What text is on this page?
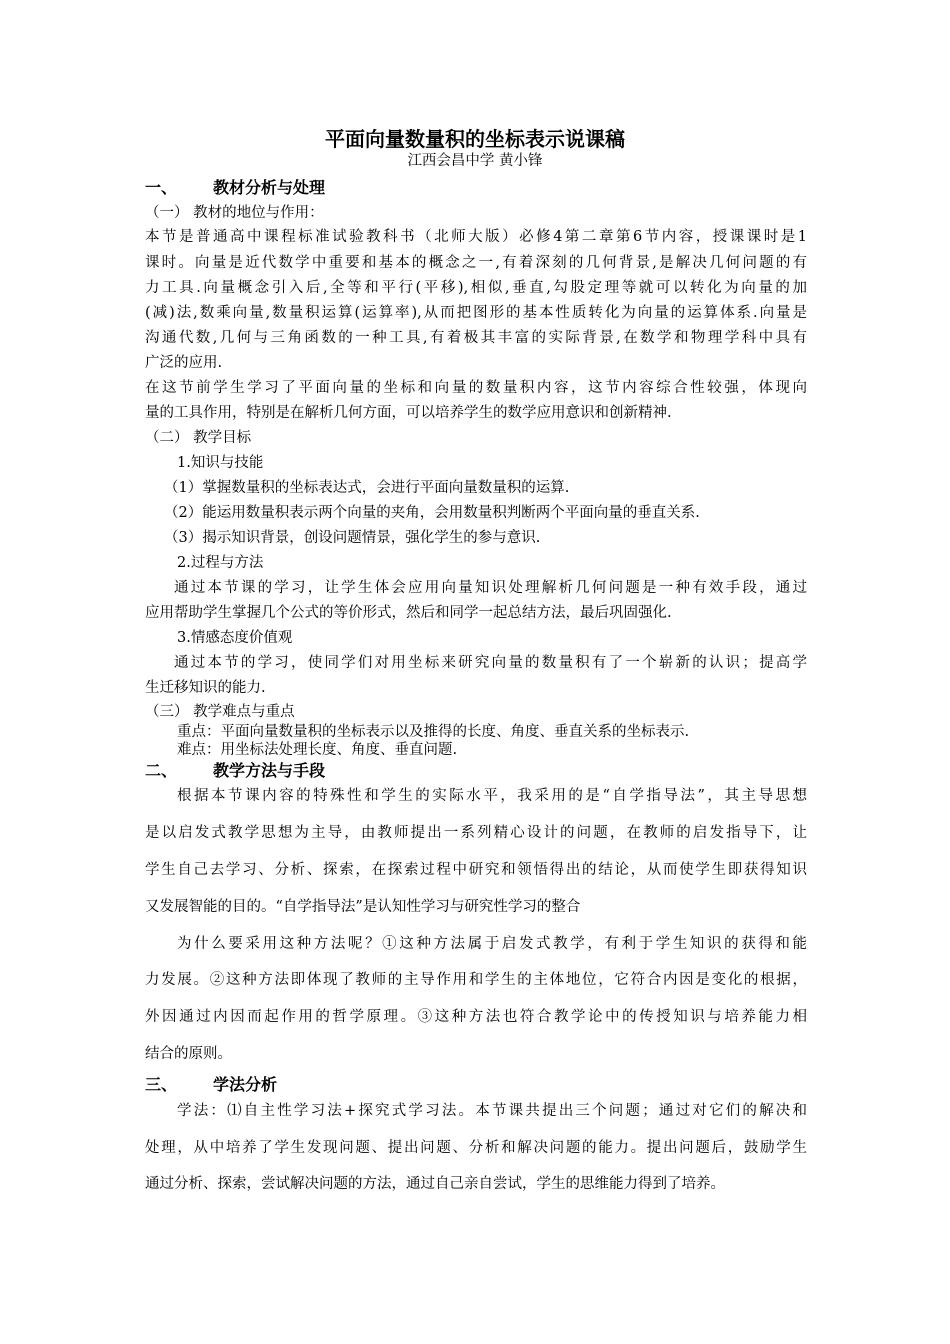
平面向量数量积的坐标表示说课稿
江西会昌中学 黄小锋
一、 教材分析与处理
（一） 教材的地位与作用：
本节是普通高中课程标准试验教科书（北师大版）必修4第二章第6节内容，授课课时是1
课时。向量是近代数学中重要和基本的概念之一,有着深刻的几何背景,是解决几何问题的有
力工具.向量概念引入后,全等和平行(平移),相似,垂直,勾股定理等就可以转化为向量的加
(减)法,数乘向量,数量积运算(运算率),从而把图形的基本性质转化为向量的运算体系.向量是
沟通代数,几何与三角函数的一种工具,有着极其丰富的实际背景,在数学和物理学科中具有
广泛的应用.
在这节前学生学习了平面向量的坐标和向量的数量积内容，这节内容综合性较强，体现向
量的工具作用，特别是在解析几何方面，可以培养学生的数学应用意识和创新精神.
（二） 教学目标
1.知识与技能
（1）掌握数量积的坐标表达式，会进行平面向量数量积的运算.
（2）能运用数量积表示两个向量的夹角，会用数量积判断两个平面向量的垂直关系.
（3）揭示知识背景，创设问题情景，强化学生的参与意识.
2.过程与方法
通过本节课的学习，让学生体会应用向量知识处理解析几何问题是一种有效手段，通过
应用帮助学生掌握几个公式的等价形式，然后和同学一起总结方法，最后巩固强化.
3.情感态度价值观
通过本节的学习，使同学们对用坐标来研究向量的数量积有了一个崭新的认识；提高学
生迁移知识的能力.
（三） 教学难点与重点
重点：平面向量数量积的坐标表示以及推得的长度、角度、垂直关系的坐标表示.
难点：用坐标法处理长度、角度、垂直问题.
二、 教学方法与手段
根据本节课内容的特殊性和学生的实际水平，我采用的是“自学指导法”，其主导思想
是以启发式教学思想为主导，由教师提出一系列精心设计的问题，在教师的启发指导下，让
学生自己去学习、分析、探索，在探索过程中研究和领悟得出的结论，从而使学生即获得知识
又发展智能的目的。“自学指导法”是认知性学习与研究性学习的整合
为什么要采用这种方法呢？①这种方法属于启发式教学，有利于学生知识的获得和能
力发展。②这种方法即体现了教师的主导作用和学生的主体地位，它符合内因是变化的根据，
外因通过内因而起作用的哲学原理。③这种方法也符合教学论中的传授知识与培养能力相
结合的原则。
三、 学法分析
学法：⑴自主性学习法+探究式学习法。本节课共提出三个问题；通过对它们的解决和
处理，从中培养了学生发现问题、提出问题、分析和解决问题的能力。提出问题后，鼓励学生
通过分析、探索，尝试解决问题的方法，通过自己亲自尝试，学生的思维能力得到了培养。
